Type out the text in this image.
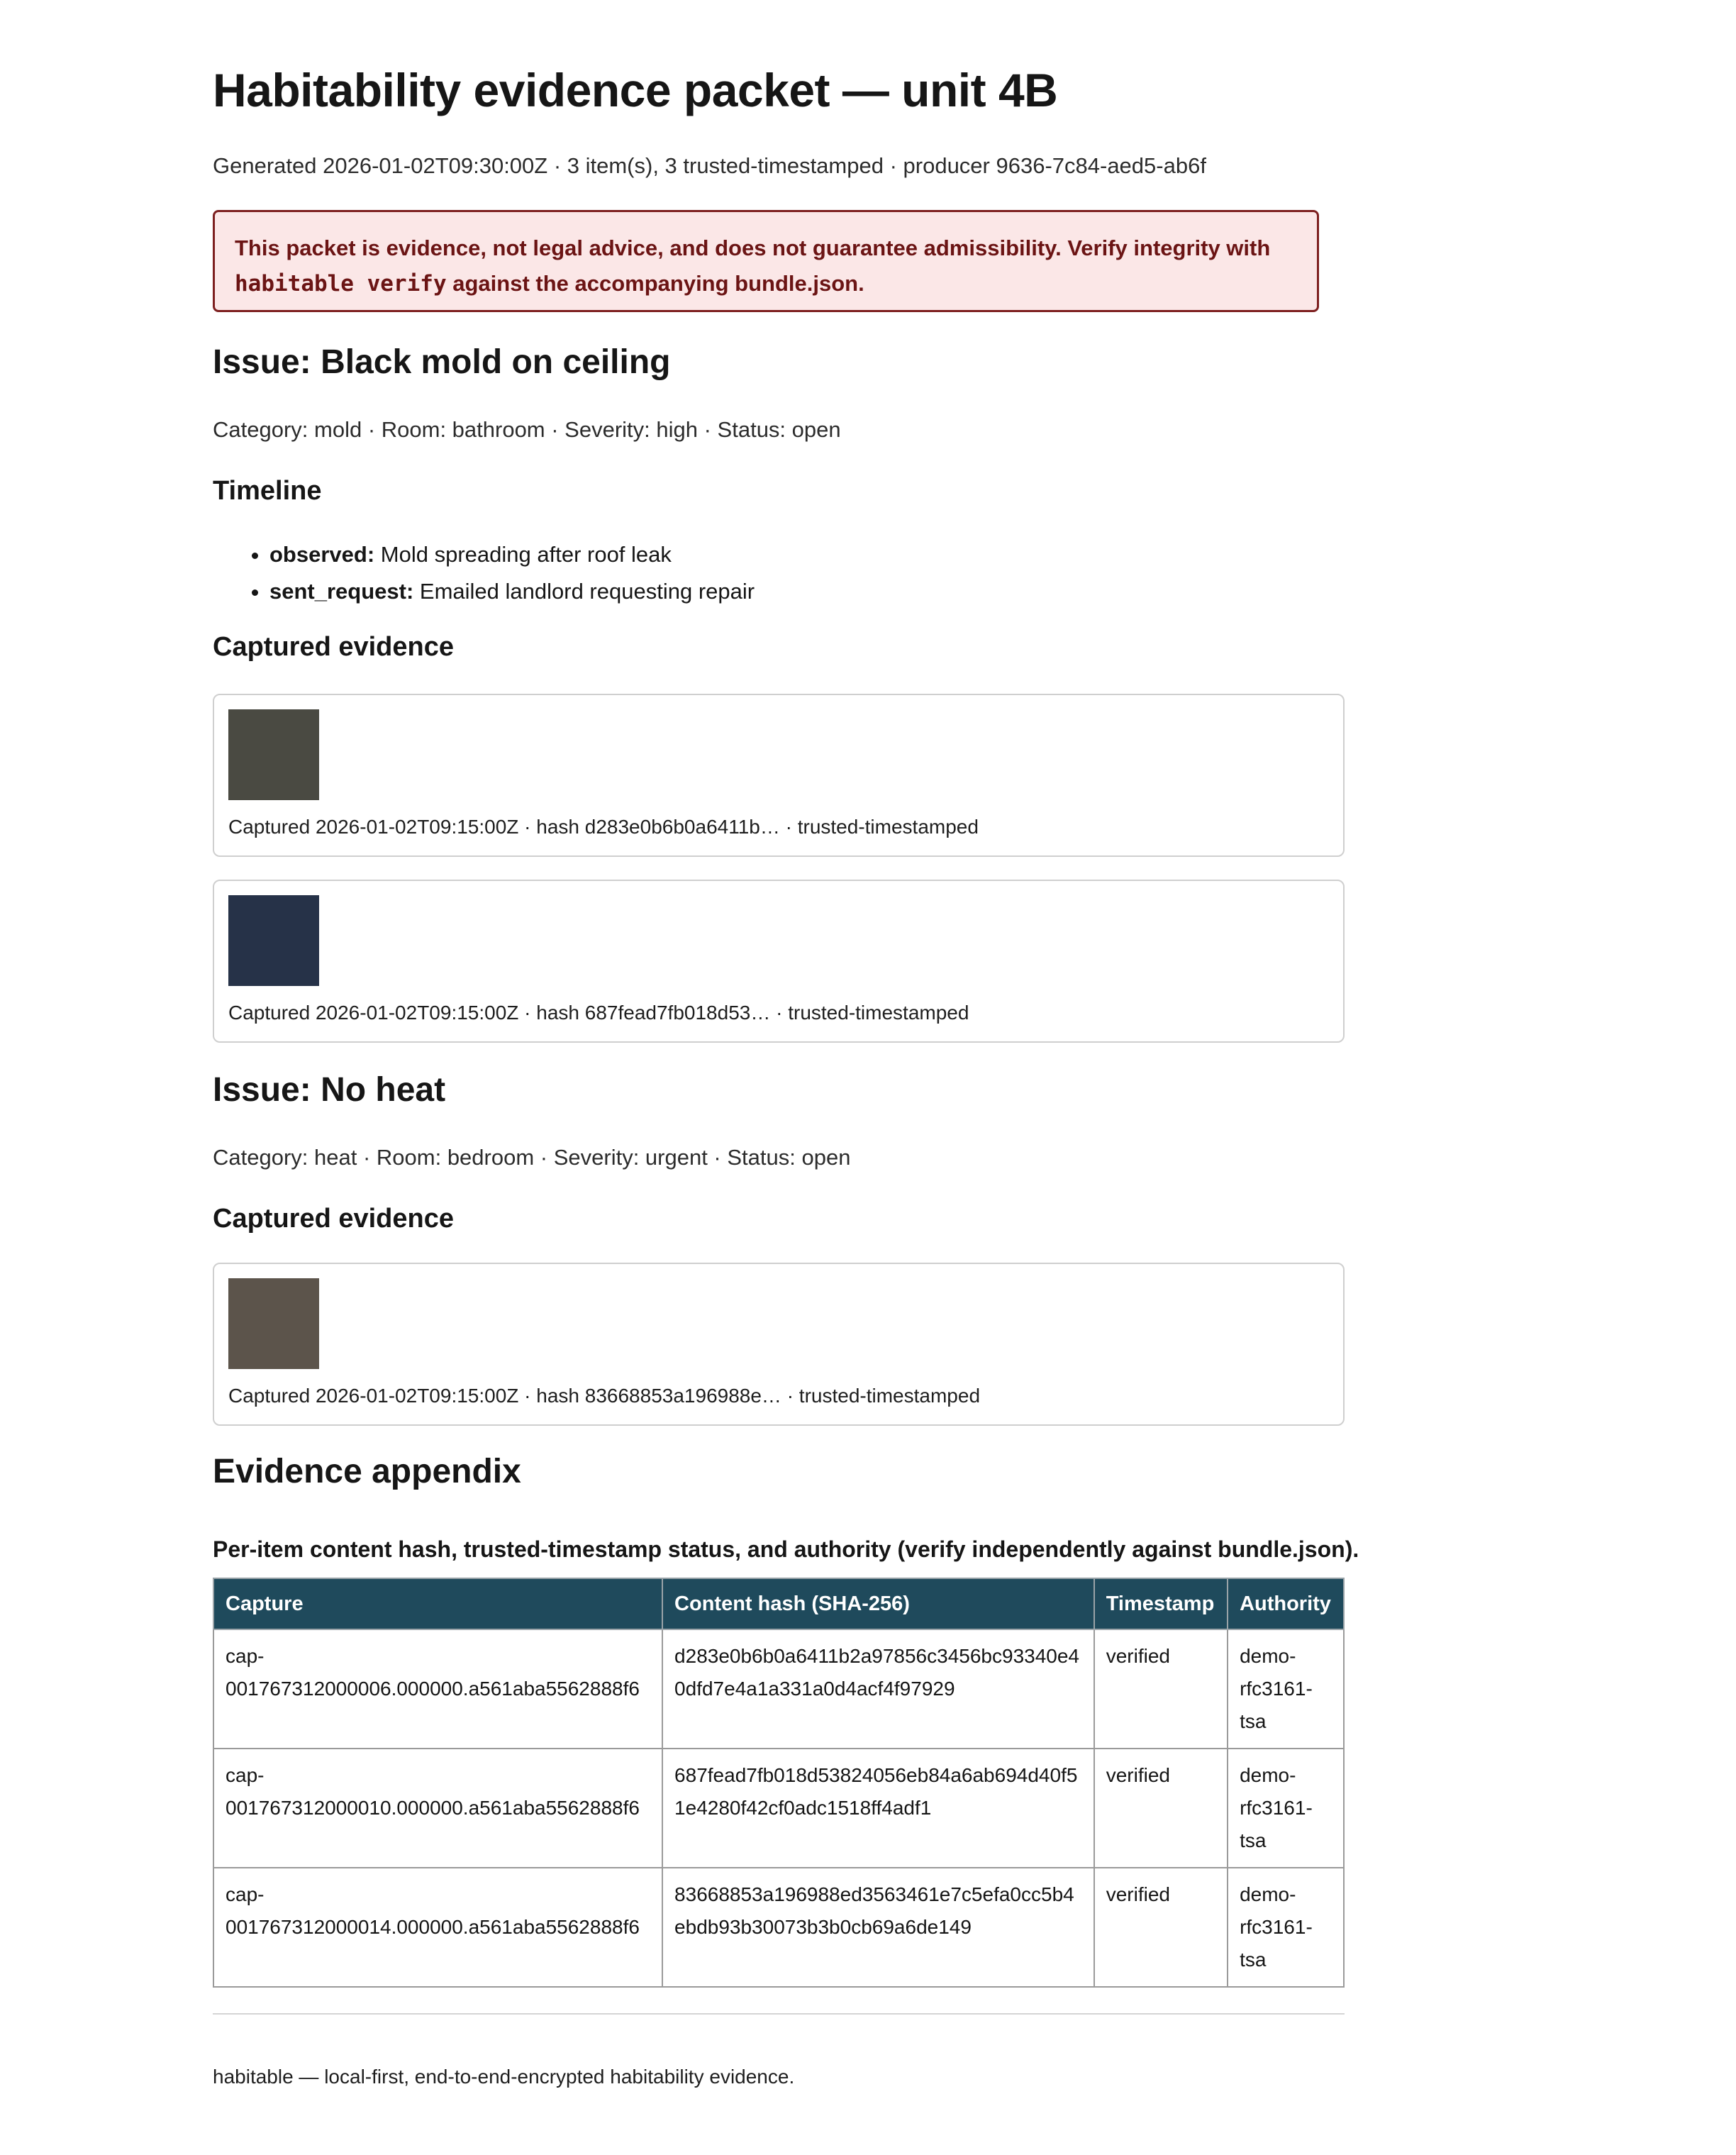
Habitability evidence packet — unit 4B
Generated 2026-01-02T09:30:00Z · 3 item(s), 3 trusted-timestamped · producer 9636-7c84-aed5-ab6f
This packet is evidence, not legal advice, and does not guarantee admissibility. Verify integrity with habitable verify against the accompanying bundle.json.
Issue: Black mold on ceiling
Category: mold · Room: bathroom · Severity: high · Status: open
Timeline
• observed: Mold spreading after roof leak
• sent_request: Emailed landlord requesting repair
Captured evidence
Captured 2026-01-02T09:15:00Z · hash d283e0b6b0a6411b… · trusted-timestamped
Captured 2026-01-02T09:15:00Z · hash 687fead7fb018d53… · trusted-timestamped
Issue: No heat
Category: heat · Room: bedroom · Severity: urgent · Status: open
Captured evidence
Captured 2026-01-02T09:15:00Z · hash 83668853a196988e… · trusted-timestamped
Evidence appendix
Per-item content hash, trusted-timestamp status, and authority (verify independently against bundle.json).
Capture	Content hash (SHA-256)	Timestamp	Authority
cap-
001767312000006.000000.a561aba5562888f6	d283e0b6b0a6411b2a97856c3456bc93340e40dfd7e4a1a331a0d4acf4f97929	verified	demo-
rfc3161-
tsa
cap-
001767312000010.000000.a561aba5562888f6	687fead7fb018d53824056eb84a6ab694d40f51e4280f42cf0adc1518ff4adf1	verified	demo-
rfc3161-
tsa
cap-
001767312000014.000000.a561aba5562888f6	83668853a196988ed3563461e7c5efa0cc5b4ebdb93b30073b3b0cb69a6de149	verified	demo-
rfc3161-
tsa
habitable — local-first, end-to-end-encrypted habitability evidence.
